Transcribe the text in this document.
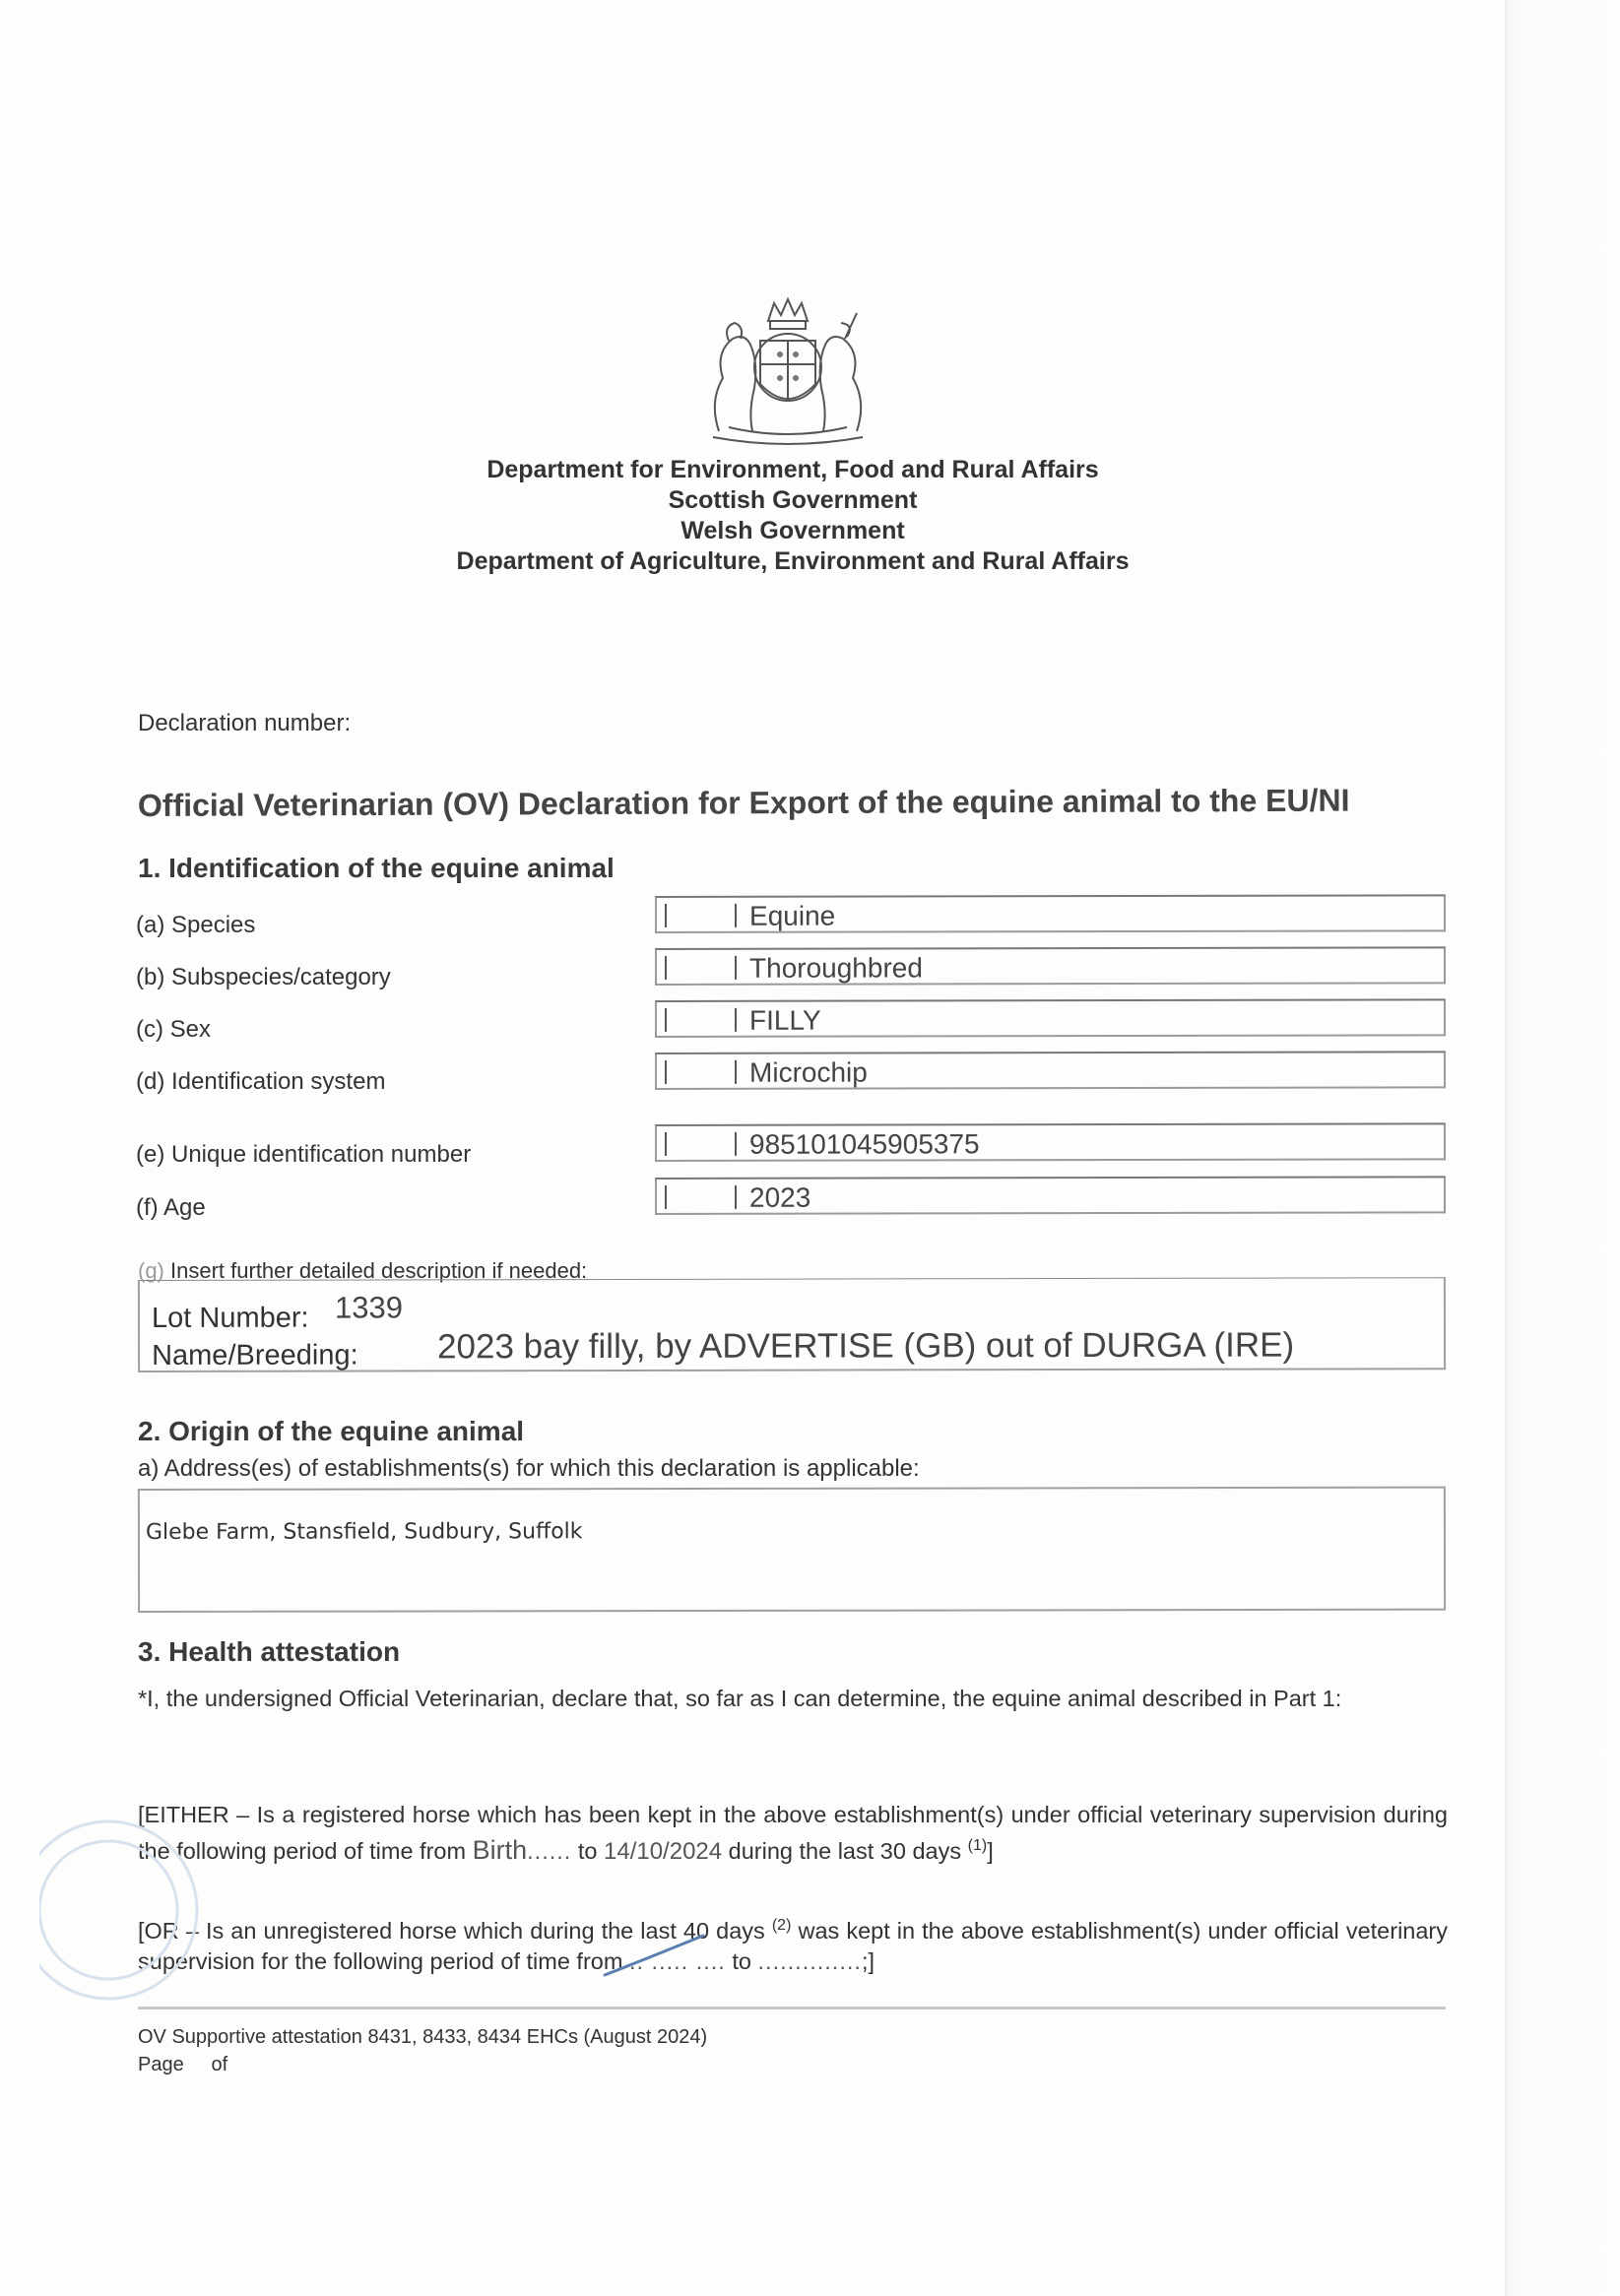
Department for Environment, Food and Rural Affairs
Scottish Government
Welsh Government
Department of Agriculture, Environment and Rural Affairs
Declaration number:
Official Veterinarian (OV) Declaration for Export of the equine animal to the EU/NI
1. Identification of the equine animal
(a) Species	Equine
(b) Subspecies/category	Thoroughbred
(c) Sex	FILLY
(d) Identification system	Microchip
(e) Unique identification number	985101045905375
(f) Age	2023
(g) Insert further detailed description if needed:
Lot Number: 1339
Name/Breeding: 2023 bay filly, by ADVERTISE (GB) out of DURGA (IRE)
2. Origin of the equine animal
a) Address(es) of establishments(s) for which this declaration is applicable:
Glebe Farm, Stansfield, Sudbury, Suffolk
3. Health attestation
*I, the undersigned Official Veterinarian, declare that, so far as I can determine, the equine animal described in Part 1:
[EITHER – Is a registered horse which has been kept in the above establishment(s) under official veterinary supervision during the following period of time from Birth...... to 14/10/2024 during the last 30 days $^{(1)}$]
[OR – Is an unregistered horse which during the last 40 days $^{(2)}$ was kept in the above establishment(s) under official veterinary supervision for the following period of time from .. ..... .... to ..............;]
OV Supportive attestation 8431, 8433, 8434 EHCs (August 2024)
Page of
